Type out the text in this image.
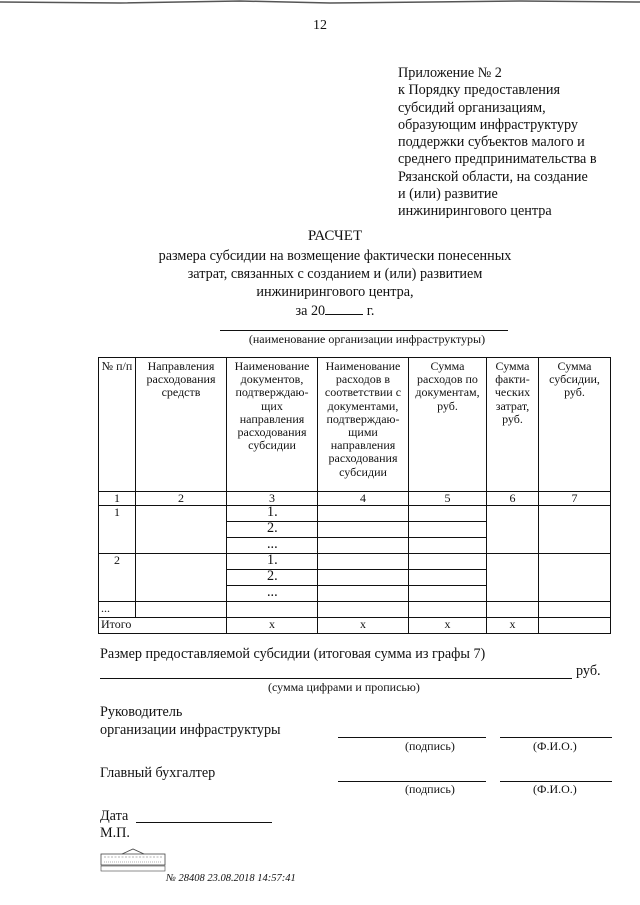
12
Приложение № 2
к Порядку предоставления
субсидий организациям,
образующим инфраструктуру
поддержки субъектов малого и
среднего предпринимательства в
Рязанской области, на создание
и (или) развитие
инжинирингового центра
РАСЧЕТ
размера субсидии на возмещение фактически понесенных
затрат, связанных с созданием и (или) развитием
инжинирингового центра,
за 20	г.
(наименование организации инфраструктуры)
№ п/п	Направления расходования средств	Наименование документов, подтверждаю-щих направления расходования субсидии	Наименование расходов в соответствии с документами, подтверждаю-щими направления расходования субсидии	Сумма расходов по документам, руб.	Сумма факти-ческих затрат, руб.	Сумма субсидии, руб.
1	2	3	4	5	6	7
1		1.				
		2.				
		...				
2		1.				
		2.				
		...				
...						
Итого		х	х	х	х	
Размер предоставляемой субсидии (итоговая сумма из графы 7)
руб.
(сумма цифрами и прописью)
Руководитель
организации инфраструктуры
(подпись)	(Ф.И.О.)
Главный бухгалтер
(подпись)	(Ф.И.О.)
Дата
М.П.
№ 28408 23.08.2018 14:57:41
